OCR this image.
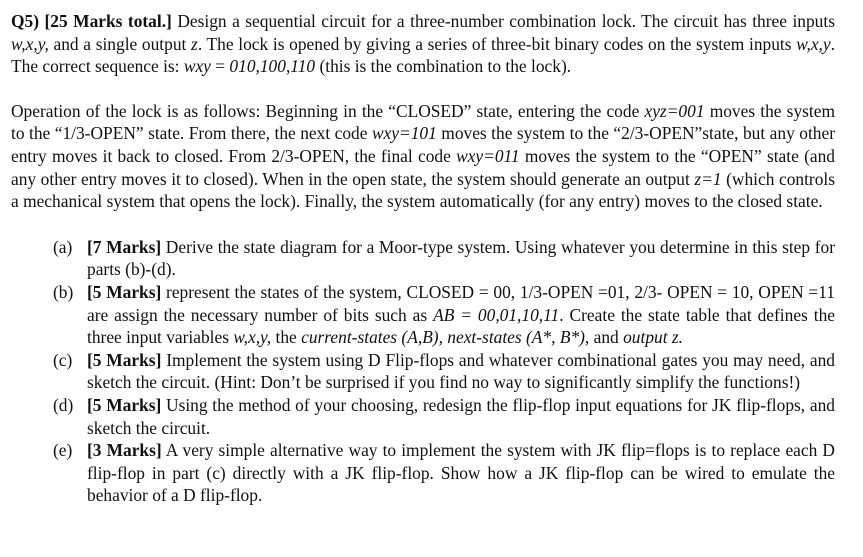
Q5) [25 Marks total.] Design a sequential circuit for a three-number combination lock. The circuit has three inputs w,x,y, and a single output z. The lock is opened by giving a series of three-bit binary codes on the system inputs w,x,y. The correct sequence is: wxy = 010,100,110 (this is the combination to the lock).

Operation of the lock is as follows: Beginning in the “CLOSED” state, entering the code xyz=001 moves the system to the “1/3-OPEN” state. From there, the next code wxy=101 moves the system to the “2/3-OPEN”state, but any other entry moves it back to closed. From 2/3-OPEN, the final code wxy=011 moves the system to the “OPEN” state (and any other entry moves it to closed). When in the open state, the system should generate an output z=1 (which controls a mechanical system that opens the lock). Finally, the system automatically (for any entry) moves to the closed state.

(a) [7 Marks] Derive the state diagram for a Moor-type system. Using whatever you determine in this step for parts (b)-(d).
(b) [5 Marks] represent the states of the system, CLOSED = 00, 1/3-OPEN =01, 2/3- OPEN = 10, OPEN =11 are assign the necessary number of bits such as AB = 00,01,10,11. Create the state table that defines the three input variables w,x,y, the current-states (A,B), next-states (A*, B*), and output z.
(c) [5 Marks] Implement the system using D Flip-flops and whatever combinational gates you may need, and sketch the circuit. (Hint: Don’t be surprised if you find no way to significantly simplify the functions!)
(d) [5 Marks] Using the method of your choosing, redesign the flip-flop input equations for JK flip-flops, and sketch the circuit.
(e) [3 Marks] A very simple alternative way to implement the system with JK flip=flops is to replace each D flip-flop in part (c) directly with a JK flip-flop. Show how a JK flip-flop can be wired to emulate the behavior of a D flip-flop.
